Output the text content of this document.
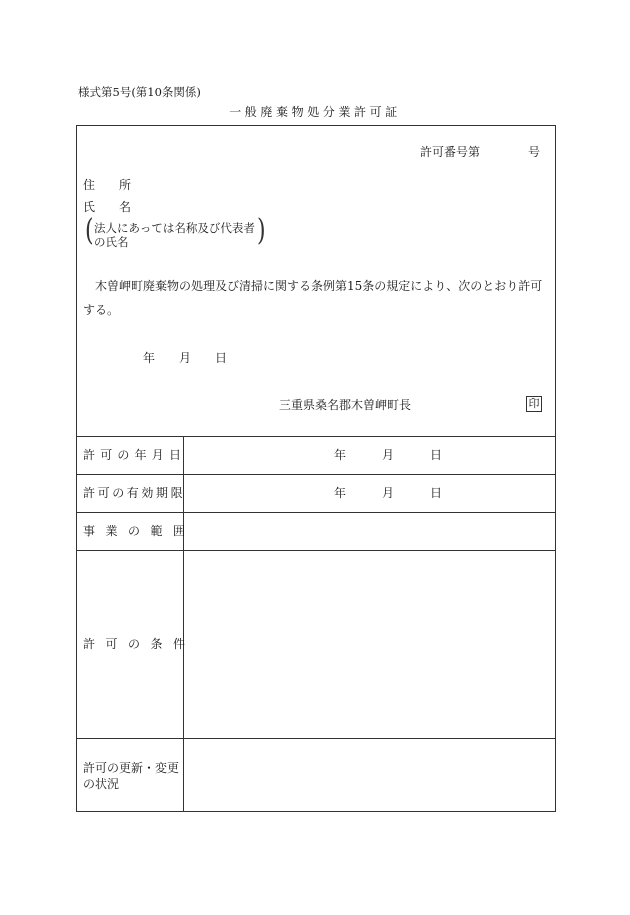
様式第5号(第10条関係)
一般廃棄物処分業許可証
許可番号第	号
住　　所
氏　　名
( 法人にあっては名称及び代表者
の氏名	)
木曽岬町廃棄物の処理及び清掃に関する条例第15条の規定により、次のとおり許可する。
年 月 日
三重県桑名郡木曽岬町長	印
許可の年月日	年	月	日
許可の有効期限	年	月	日
事業の範囲
許可の条件
許可の更新・変更
の状況
